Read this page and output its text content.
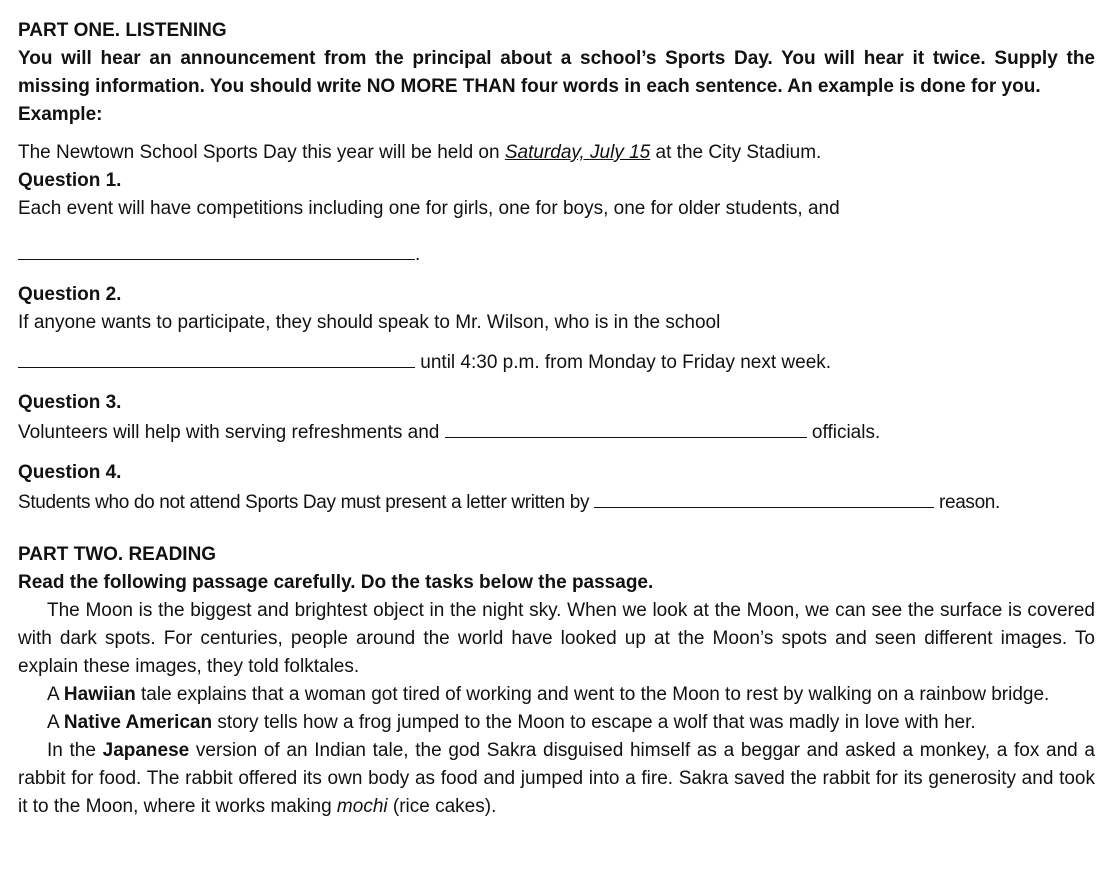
PART ONE. LISTENING

You will hear an announcement from the principal about a school’s Sports Day. You will hear it twice. Supply the missing information. You should write NO MORE THAN four words in each sentence. An example is done for you.

Example:

The Newtown School Sports Day this year will be held on Saturday, July 15 at the City Stadium.

Question 1.

Each event will have competitions including one for girls, one for boys, one for older students, and

.

Question 2.

If anyone wants to participate, they should speak to Mr. Wilson, who is in the school

until 4:30 p.m. from Monday to Friday next week.

Question 3.

Volunteers will help with serving refreshments and	officials.

Question 4.

Students who do not attend Sports Day must present a letter written by	reason.

PART TWO. READING

Read the following passage carefully. Do the tasks below the passage.

The Moon is the biggest and brightest object in the night sky. When we look at the Moon, we can see the surface is covered with dark spots. For centuries, people around the world have looked up at the Moon’s spots and seen different images. To explain these images, they told folktales.

A Hawiian tale explains that a woman got tired of working and went to the Moon to rest by walking on a rainbow bridge.

A Native American story tells how a frog jumped to the Moon to escape a wolf that was madly in love with her.

In the Japanese version of an Indian tale, the god Sakra disguised himself as a beggar and asked a monkey, a fox and a rabbit for food. The rabbit offered its own body as food and jumped into a fire. Sakra saved the rabbit for its generosity and took it to the Moon, where it works making mochi (rice cakes).
